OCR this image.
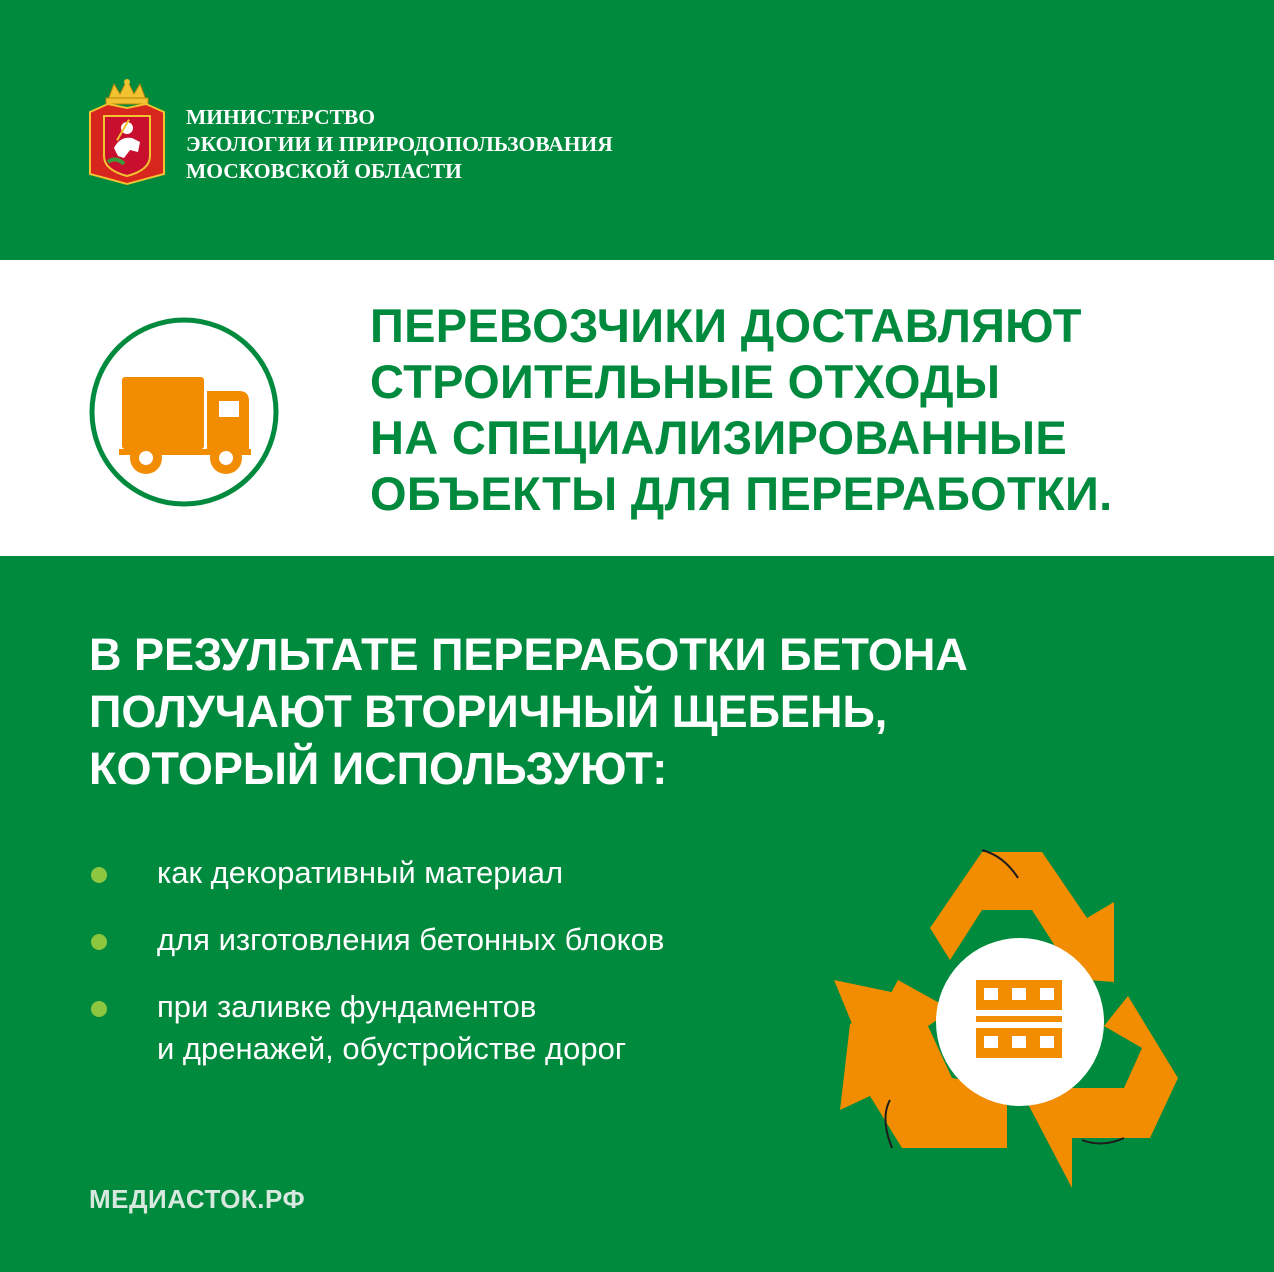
МИНИСТЕРСТВО
ЭКОЛОГИИ И ПРИРОДОПОЛЬЗОВАНИЯ
МОСКОВСКОЙ ОБЛАСТИ
ПЕРЕВОЗЧИКИ ДОСТАВЛЯЮТ
СТРОИТЕЛЬНЫЕ ОТХОДЫ
НА СПЕЦИАЛИЗИРОВАННЫЕ
ОБЪЕКТЫ ДЛЯ ПЕРЕРАБОТКИ.
В РЕЗУЛЬТАТЕ ПЕРЕРАБОТКИ БЕТОНА
ПОЛУЧАЮТ ВТОРИЧНЫЙ ЩЕБЕНЬ,
КОТОРЫЙ ИСПОЛЬЗУЮТ:
как декоративный материал
для изготовления бетонных блоков
при заливке фундаментов
и дренажей, обустройстве дорог
МЕДИАСТОК.РФ
